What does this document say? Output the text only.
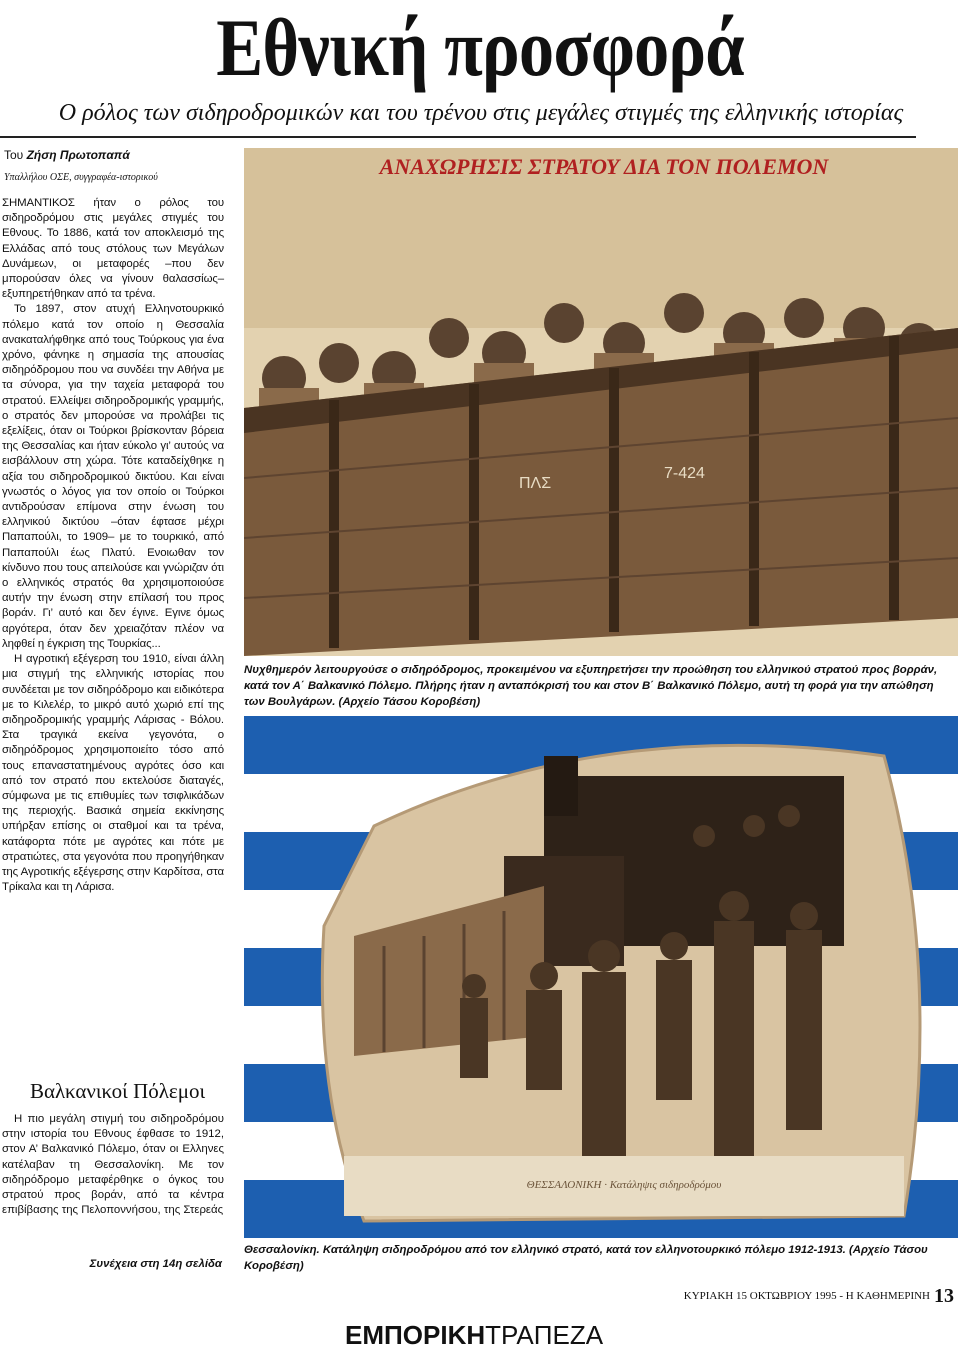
Εθνική προσφορά
Ο ρόλος των σιδηροδρομικών και του τρένου στις μεγάλες στιγμές της ελληνικής ιστορίας
Του Ζήση Πρωτοπαπά
Υπαλλήλου ΟΣΕ, συγγραφέα-ιστορικού

ΣΗΜΑΝΤΙΚΟΣ ήταν ο ρόλος του σιδηροδρόμου στις μεγάλες στιγμές του Εθνους. Το 1886, κατά τον αποκλεισμό της Ελλάδας από τους στόλους των Μεγάλων Δυνάμεων, οι μεταφορές –που δεν μπορούσαν όλες να γίνουν θαλασσίως– εξυπηρετήθηκαν από τα τρένα.

Το 1897, στον ατυχή Ελληνοτουρκικό πόλεμο κατά τον οποίο η Θεσσαλία ανακαταλήφθηκε από τους Τούρκους για ένα χρόνο, φάνηκε η σημασία της απουσίας σιδηρόδρομου που να συνδέει την Αθήνα με τα σύνορα, για την ταχεία μεταφορά του στρατού. Ελλείψει σιδηροδρομικής γραμμής, ο στρατός δεν μπορούσε να προλάβει τις εξελίξεις, όταν οι Τούρκοι βρίσκονταν βόρεια της Θεσσαλίας και ήταν εύκολο γι’ αυτούς να εισβάλλουν στη χώρα. Τότε καταδείχθηκε η αξία του σιδηροδρομικού δικτύου. Και είναι γνωστός ο λόγος για τον οποίο οι Τούρκοι αντιδρούσαν επίμονα στην ένωση του ελληνικού δικτύου –όταν έφτασε μέχρι Παπαπούλι, το 1909– με το τουρκικό, από Παπαπούλι έως Πλατύ. Ενοιωθαν τον κίνδυνο που τους απειλούσε και γνώριζαν ότι ο ελληνικός στρατός θα χρησιμοποιούσε αυτήν την ένωση στην επίλασή του προς βοράν. Γι’ αυτό και δεν έγινε. Εγινε όμως αργότερα, όταν δεν χρειαζόταν πλέον να ληφθεί η έγκριση της Τουρκίας...

Η αγροτική εξέγερση του 1910, είναι άλλη μια στιγμή της ελληνικής ιστορίας που συνδέεται με τον σιδηρόδρομο και ειδικότερα με το Κιλελέρ, το μικρό αυτό χωριό επί της σιδηροδρομικής γραμμής Λάρισας - Βόλου. Στα τραγικά εκείνα γεγονότα, ο σιδηρόδρομος χρησιμοποιείτο τόσο από τους επαναστατημένους αγρότες όσο και από τον στρατό που εκτελούσε διαταγές, σύμφωνα με τις επιθυμίες των τσιφλικάδων της περιοχής. Βασικά σημεία εκκίνησης υπήρξαν επίσης οι σταθμοί και τα τρένα, κατάφορτα πότε με αγρότες και πότε με στρατιώτες, στα γεγονότα που προηγήθηκαν της Αγροτικής εξέγερσης στην Καρδίτσα, στα Τρίκαλα και τη Λάρισα.

Βαλκανικοί Πόλεμοι

Η πιο μεγάλη στιγμή του σιδηροδρόμου στην ιστορία του Εθνους έφθασε το 1912, στον Α’ Βαλκανικό Πόλεμο, όταν οι Ελληνες κατέλαβαν τη Θεσσαλονίκη. Με τον σιδηρόδρομο μεταφέρθηκε ο όγκος του στρατού προς βοράν, από τα κέντρα επιβίβασης της Πελοποννήσου, της Στερεάς

Συνέχεια στη 14η σελίδα
ΑΝΑΧΩΡΗΣΙΣ ΣΤΡΑΤΟΥ ΔΙΑ ΤΟΝ ΠΟΛΕΜΟΝ
ΠΛΣ
7-424
Νυχθημερόν λειτουργούσε ο σιδηρόδρομος, προκειμένου να εξυπηρετήσει την προώθηση του ελληνικού στρατού προς βορράν, κατά τον Α΄ Βαλκανικό Πόλεμο. Πλήρης ήταν η ανταπόκρισή του και στον Β΄ Βαλκανικό Πόλεμο, αυτή τη φορά για την απώθηση των Βουλγάρων. (Αρχείο Τάσου Κοροβέση)
ΘΕΣΣΑΛΟΝΙΚΗ · Κατάληψις σιδηροδρόμου
Θεσσαλονίκη. Κατάληψη σιδηροδρόμου από τον ελληνικό στρατό, κατά τον ελληνοτουρκικό πόλεμο 1912-1913. (Αρχείο Τάσου Κοροβέση)
ΚΥΡΙΑΚΗ 15 ΟΚΤΩΒΡΙΟΥ 1995 - Η ΚΑΘΗΜΕΡΙΝΗ 13
ΕΜΠΟΡΙΚΗΤΡΑΠΕΖΑ
